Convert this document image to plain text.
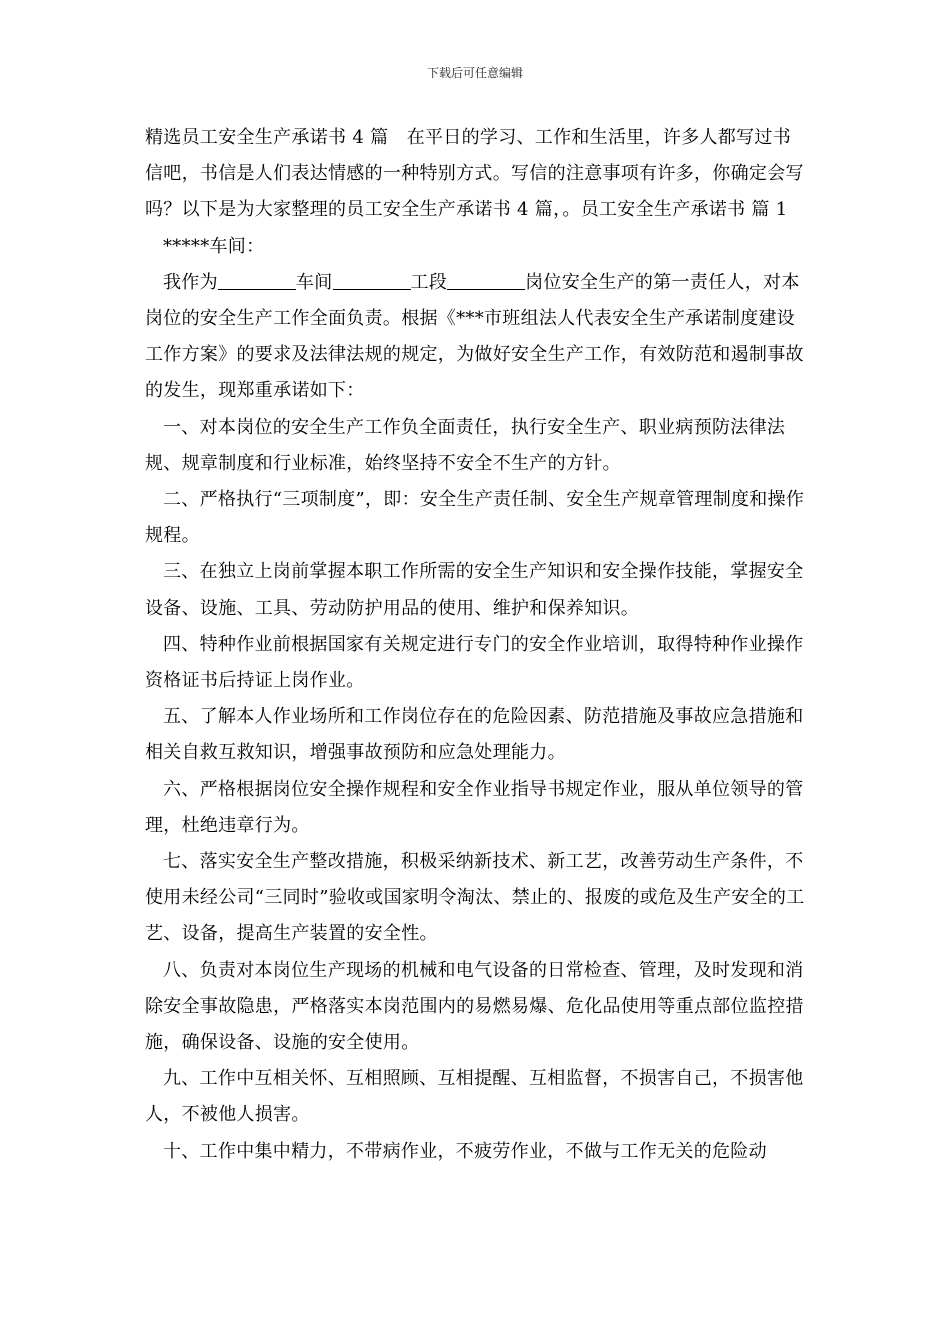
下载后可任意编辑

精选员工安全生产承诺书 4 篇　在平日的学习、工作和生活里，许多人都写过书信吧，书信是人们表达情感的一种特别方式。写信的注意事项有许多，你确定会写吗？以下是为大家整理的员工安全生产承诺书 4 篇，。员工安全生产承诺书 篇 1

*****车间：

我作为	车间	工段	岗位安全生产的第一责任人，对本岗位的安全生产工作全面负责。根据《***市班组法人代表安全生产承诺制度建设工作方案》的要求及法律法规的规定，为做好安全生产工作，有效防范和遏制事故的发生，现郑重承诺如下：

一、对本岗位的安全生产工作负全面责任，执行安全生产、职业病预防法律法规、规章制度和行业标准，始终坚持不安全不生产的方针。

二、严格执行“三项制度”，即：安全生产责任制、安全生产规章管理制度和操作规程。

三、在独立上岗前掌握本职工作所需的安全生产知识和安全操作技能，掌握安全设备、设施、工具、劳动防护用品的使用、维护和保养知识。

四、特种作业前根据国家有关规定进行专门的安全作业培训，取得特种作业操作资格证书后持证上岗作业。

五、了解本人作业场所和工作岗位存在的危险因素、防范措施及事故应急措施和相关自救互救知识，增强事故预防和应急处理能力。

六、严格根据岗位安全操作规程和安全作业指导书规定作业，服从单位领导的管理，杜绝违章行为。

七、落实安全生产整改措施，积极采纳新技术、新工艺，改善劳动生产条件，不使用未经公司“三同时”验收或国家明令淘汰、禁止的、报废的或危及生产安全的工艺、设备，提高生产装置的安全性。

八、负责对本岗位生产现场的机械和电气设备的日常检查、管理，及时发现和消除安全事故隐患，严格落实本岗范围内的易燃易爆、危化品使用等重点部位监控措施，确保设备、设施的安全使用。

九、工作中互相关怀、互相照顾、互相提醒、互相监督，不损害自己，不损害他人，不被他人损害。

十、工作中集中精力，不带病作业，不疲劳作业，不做与工作无关的危险动
